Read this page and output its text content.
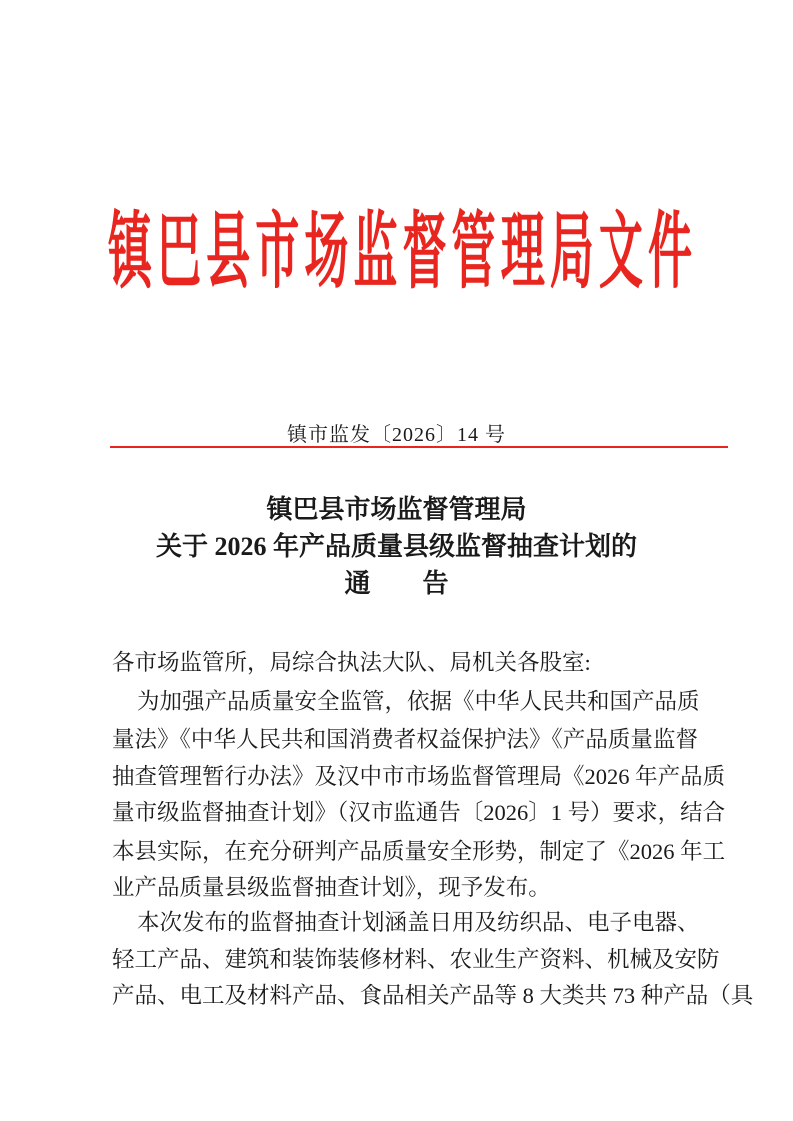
镇巴县市场监督管理局文件
镇市监发〔2026〕14 号
镇巴县市场监督管理局
关于 2026 年产品质量县级监督抽查计划的
通　　告
各市场监管所，局综合执法大队、局机关各股室:
为加强产品质量安全监管，依据《中华人民共和国产品质
量法》《中华人民共和国消费者权益保护法》《产品质量监督
抽查管理暂行办法》及汉中市市场监督管理局《2026 年产品质
量市级监督抽查计划》（汉市监通告〔2026〕1 号）要求，结合
本县实际，在充分研判产品质量安全形势，制定了《2026 年工
业产品质量县级监督抽查计划》，现予发布。
本次发布的监督抽查计划涵盖日用及纺织品、电子电器、
轻工产品、建筑和装饰装修材料、农业生产资料、机械及安防
产品、电工及材料产品、食品相关产品等 8 大类共 73 种产品（具
